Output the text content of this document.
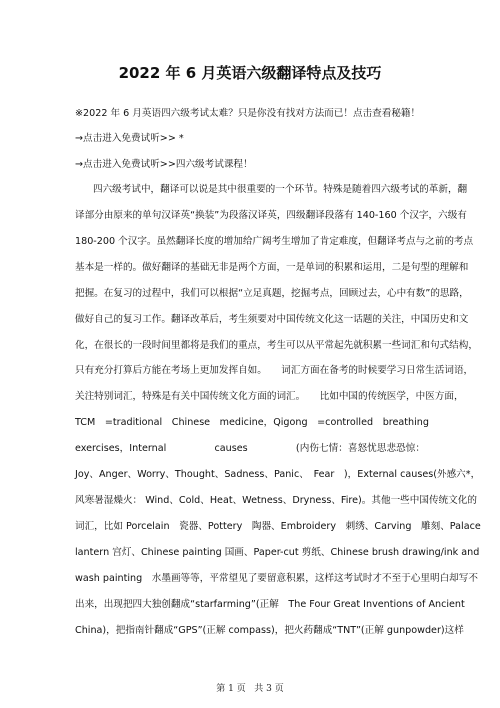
2022 年 6 月英语六级翻译特点及技巧
※2022 年 6 月英语四六级考试太难？只是你没有找对方法而已！点击查看秘籍！
→点击进入免费试听>> *
→点击进入免费试听>>四六级考试课程！
四六级考试中，翻译可以说是其中很重要的一个环节。特殊是随着四六级考试的革新，翻
译部分由原来的单句汉译英“换装”为段落汉译英，四级翻译段落有 140-160 个汉字，六级有
180-200 个汉字。虽然翻译长度的增加给广阔考生增加了肯定难度，但翻译考点与之前的考点
基本是一样的。做好翻译的基础无非是两个方面，一是单词的积累和运用，二是句型的理解和
把握。在复习的过程中，我们可以根据“立足真题，挖掘考点，回顾过去，心中有数”的思路，
做好自己的复习工作。翻译改革后，考生须要对中国传统文化这一话题的关注，中国历史和文
化，在很长的一段时间里都将是我们的重点，考生可以从平常起先就积累一些词汇和句式结构，
只有充分打算后方能在考场上更加发挥自如。　　词汇方面在备考的时候要学习日常生活词语，
关注特别词汇，特殊是有关中国传统文化方面的词汇。　　比如中国的传统医学，中医方面，
TCM　=traditional　Chinese　medicine，Qigong　=controlled　breathing
exercises，Internal　　　　　causes　　　　　(内伤七情：喜怒忧思悲恐惊：
Joy、Anger、Worry、Thought、Sadness、Panic、　Fear　)，External causes(外感六*，
风寒暑湿燥火： Wind、Cold、Heat、Wetness、Dryness、Fire)。其他一些中国传统文化的
词汇，比如 Porcelain　瓷器、Pottery　陶器、Embroidery　刺绣、Carving　雕刻、Palace
lantern 宫灯、Chinese painting 国画、Paper-cut 剪纸、Chinese brush drawing/ink and
wash painting　水墨画等等，平常望见了要留意积累，这样这考试时才不至于心里明白却写不
出来，出现把四大独创翻成“starfarming”(正解　The Four Great Inventions of Ancient
China)，把指南针翻成“GPS”(正解 compass)，把火药翻成“TNT”(正解 gunpowder)这样
第 1 页 共 3 页
